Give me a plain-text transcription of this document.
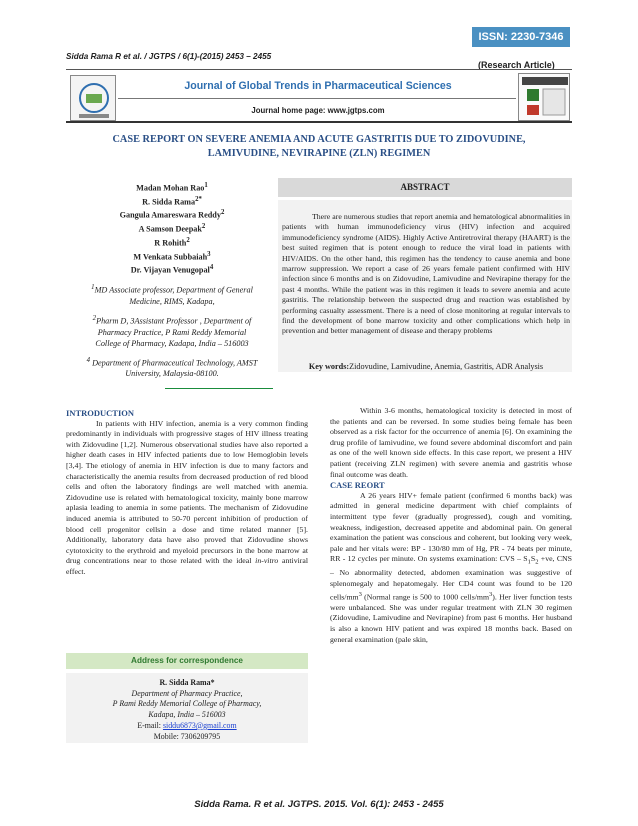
ISSN: 2230-7346
Sidda Rama R et al. / JGTPS / 6(1)-(2015) 2453 – 2455
(Research Article)
Journal of Global Trends in Pharmaceutical Sciences
Journal home page: www.jgtps.com
CASE REPORT ON SEVERE ANEMIA AND ACUTE GASTRITIS DUE TO ZIDOVUDINE,
LAMIVUDINE, NEVIRAPINE (ZLN) REGIMEN
Madan Mohan Rao$^1$
R. Sidda Rama$^{2*}$
Gangula Amareswara Reddy$^2$
A Samson Deepak$^2$
R Rohith$^2$
M Venkata Subbaiah$^3$
Dr. Vijayan Venugopal$^4$
$^1$MD Associate professor, Department of General Medicine, RIMS, Kadapa,
$^2$Pharm D, 3Assistant Professor , Department of Pharmacy Practice, P Rami Reddy Memorial College of Pharmacy, Kadapa, India – 516003
$^4$ Department of Pharmaceutical Technology, AMST University, Malaysia-08100.
ABSTRACT
There are numerous studies that report anemia and hematological abnormalities in patients with human immunodeficiency virus (HIV) infection and acquired immunodeficiency syndrome (AIDS). Highly Active Antiretroviral therapy (HAART) is the best suited regimen that is potent enough to reduce the viral load in patients with HIV/AIDS. On the other hand, this regimen has the tendency to cause anemia and bone marrow suppression. We report a case of 26 years female patient confirmed with HIV infection since 6 months and is on Zidovudine, Lamivudine and Nevirapine therapy for the past 4 months. While the patient was in this regimen it leads to severe anemia and acute gastritis. The relationship between the suspected drug and reaction was established by performing casualty assessment. There is a need of close monitoring at regular intervals to find the development of bone marrow toxicity and other complications which help in prevention and better management of disease and therapy problems
Key words:Zidovudine, Lamivudine, Anemia, Gastritis, ADR Analysis
INTRODUCTION
In patients with HIV infection, anemia is a very common finding predominantly in individuals with progressive stages of HIV illness treating with Zidovudine [1,2]. Numerous observational studies have also reported a higher death cases in HIV infected patients due to low Hemoglobin levels [3,4]. The etiology of anemia in HIV infection is due to many factors and characteristically the anemia results from decreased production of red blood cells and often the laboratory findings are well matched with anemia. Zidovudine use is related with hematological toxicity, mainly bone marrow aplasia leading to anemia in some patients. The mechanism of Zidovudine induced anemia is attributed to 50-70 percent inhibition of production of blood cell progenitor cellsin a dose and time related manner [5]. Additionally, laboratory data have also proved that Zidovudine shows cytotoxicity to the erythroid and myeloid precursors in the bone marrow at drug concentrations near to those related with the ideal in-vitro antiviral effect.
Address for correspondence
R. Sidda Rama*
Department of Pharmacy Practice,
P Rami Reddy Memorial College of Pharmacy,
Kadapa, India – 516003
E-mail: siddu6873@gmail.com
Mobile: 7306209795
Within 3-6 months, hematological toxicity is detected in most of the patients and can be reversed. In some studies being female has been observed as a risk factor for the occurrence of anemia [6]. On examining the drug profile of lamivudine, we found severe abdominal discomfort and pain as one of the well known side effects. In this case report, we present a HIV patient (receiving ZLN regimen) with severe anemia and gastritis whose final outcome was death.
CASE REORT
A 26 years HIV+ female patient (confirmed 6 months back) was admitted in general medicine department with chief complaints of intermittent type fever (gradually progressed), cough and vomiting, weakness, indigestion, decreased appetite and abdominal pain. On general examination the patient was conscious and coherent, but looking very week, pale and her vitals were: BP - 130/80 mm of Hg, PR - 74 beats per minute, RR - 12 cycles per minute. On systems examination: CVS – $S_1S_2 +ve$, CNS – No abnormality detected, abdomen examination was suggestive of splenomegaly and hepatomegaly. Her CD4 count was found to be 120 cells/$mm^3$ (Normal range is 500 to 1000 cells/$mm^3$). Her liver function tests were unbalanced. She was under regular treatment with ZLN 30 regimen (Zidovudine, Lamivudine and Nevirapine) from past 6 months. Her husband is also a known HIV patient and was expired 18 months back. Based on general examination (pale skin,
Sidda Rama. R et al. JGTPS. 2015. Vol. 6(1): 2453 - 2455
